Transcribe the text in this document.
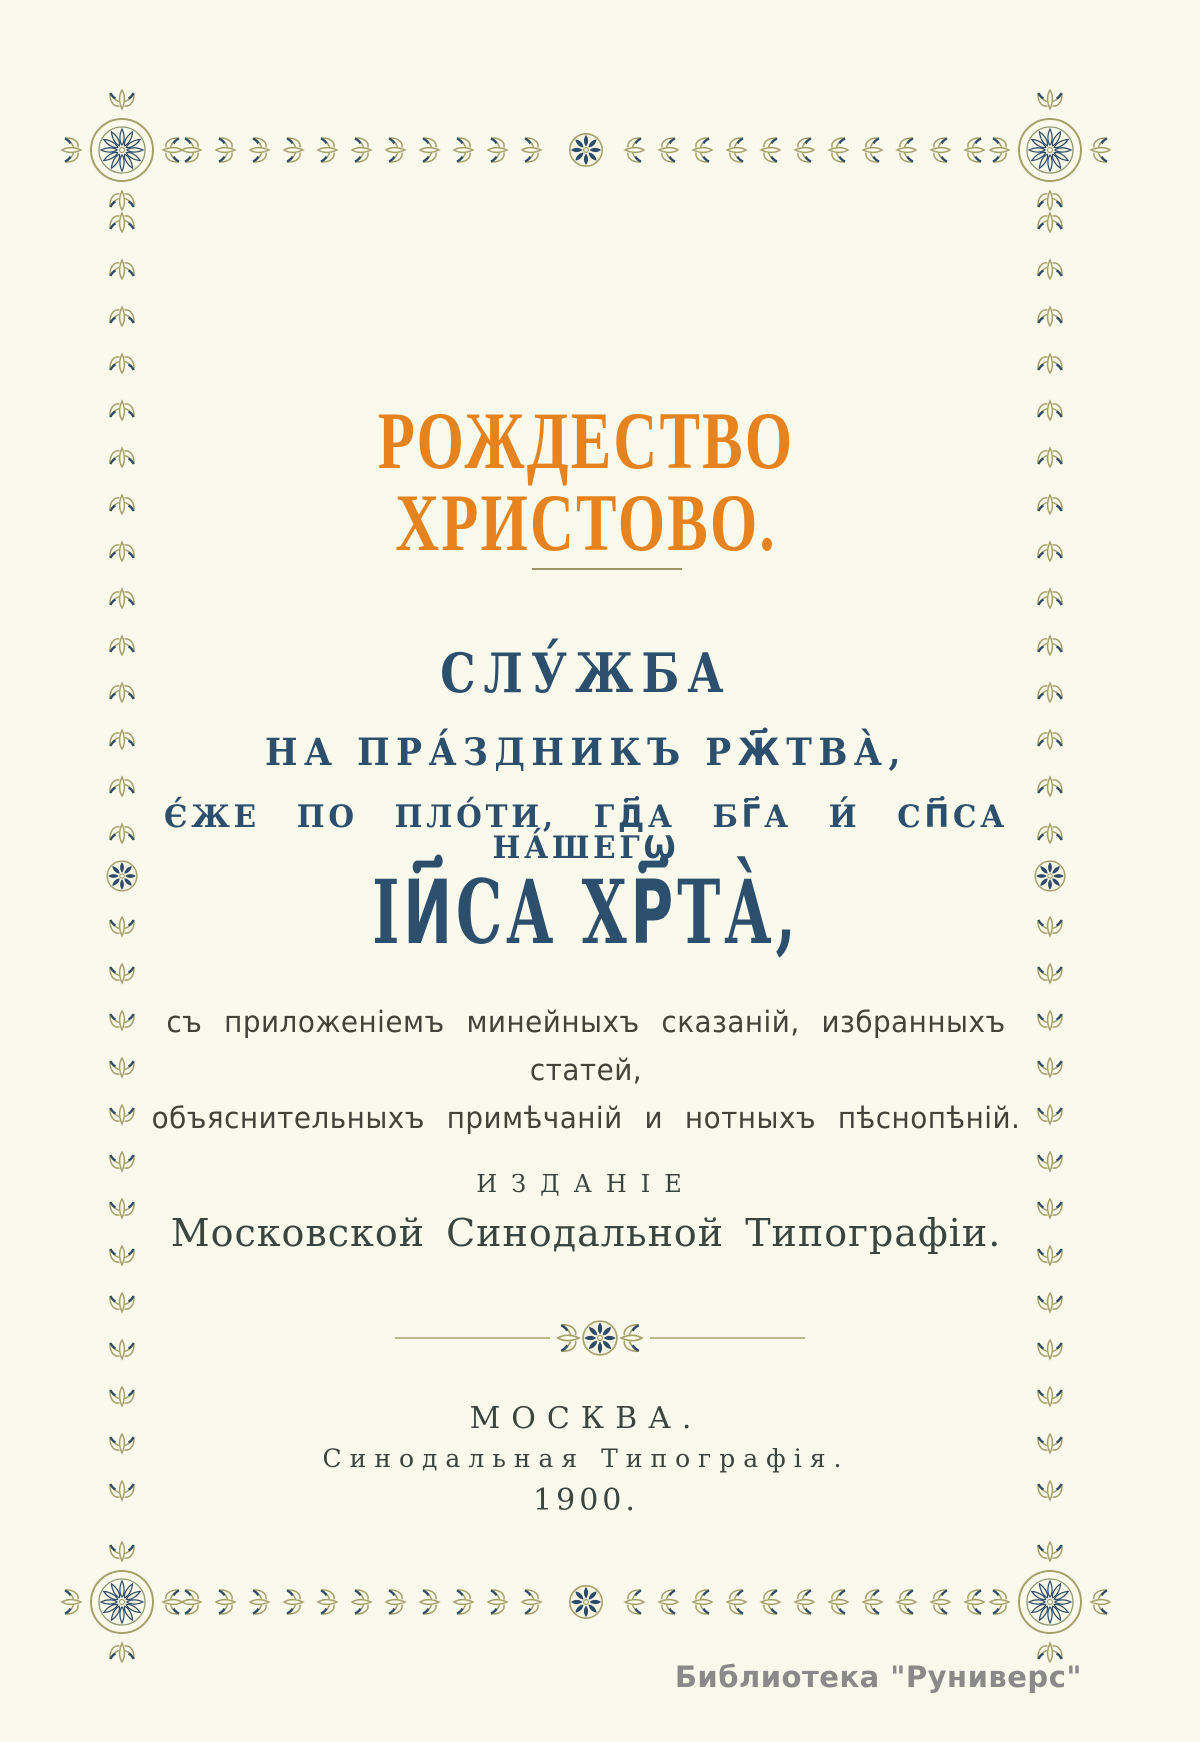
РОЖДЕСТВО ХРИСТОВО.
СЛУ́ЖБА
НА ПРА́ЗДНИКЪ РЖ҃ТВА̀,
Є́ЖЕ ПО ПЛО́ТИ, ГД҃А БГ҃А И́ СП҃СА НА́ШЕГѠ
ІИ҃СА ХР҃ТА̀,
съ приложеніемъ минейныхъ сказаній, избранныхъ статей,
объяснительныхъ примѣчаній и нотныхъ пѣснопѣній.
ИЗДАНІЕ
Московской Синодальной Типографіи.
МОСКВА.
Синодальная Типографія.
1900.
Библиотека "Руниверс"
